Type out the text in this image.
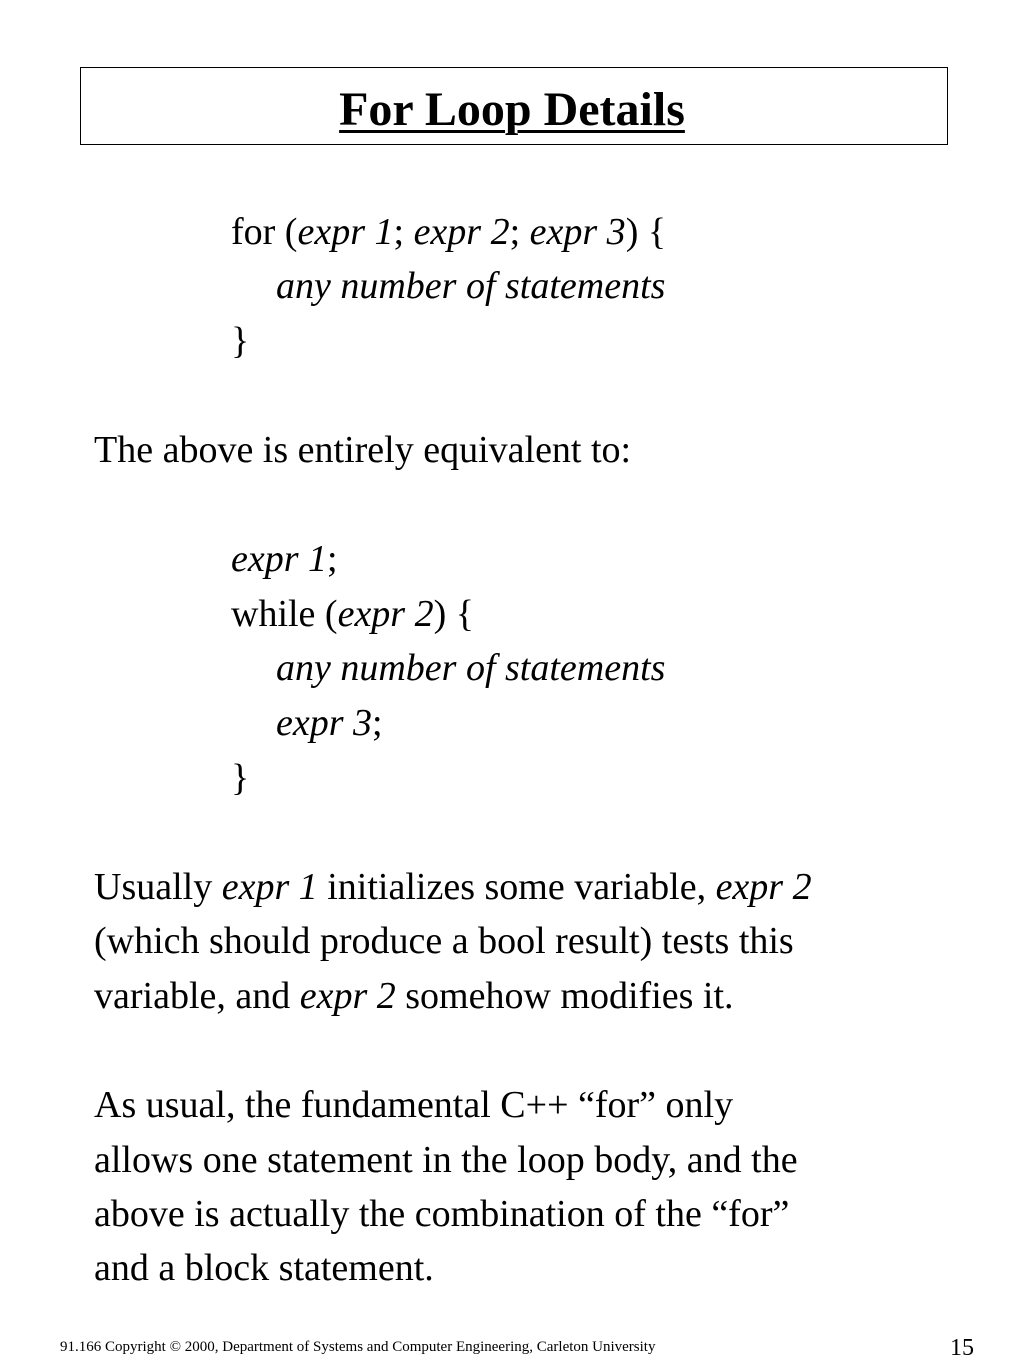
For Loop Details
for (expr 1; expr 2; expr 3) {
any number of statements
}
The above is entirely equivalent to:
expr 1;
while (expr 2) {
any number of statements
expr 3;
}
Usually expr 1 initializes some variable, expr 2
(which should produce a bool result) tests this
variable, and expr 2 somehow modifies it.
As usual, the fundamental C++ “for” only
allows one statement in the loop body, and the
above is actually the combination of the “for”
and a block statement.
91.166 Copyright © 2000, Department of Systems and Computer Engineering, Carleton University	15
